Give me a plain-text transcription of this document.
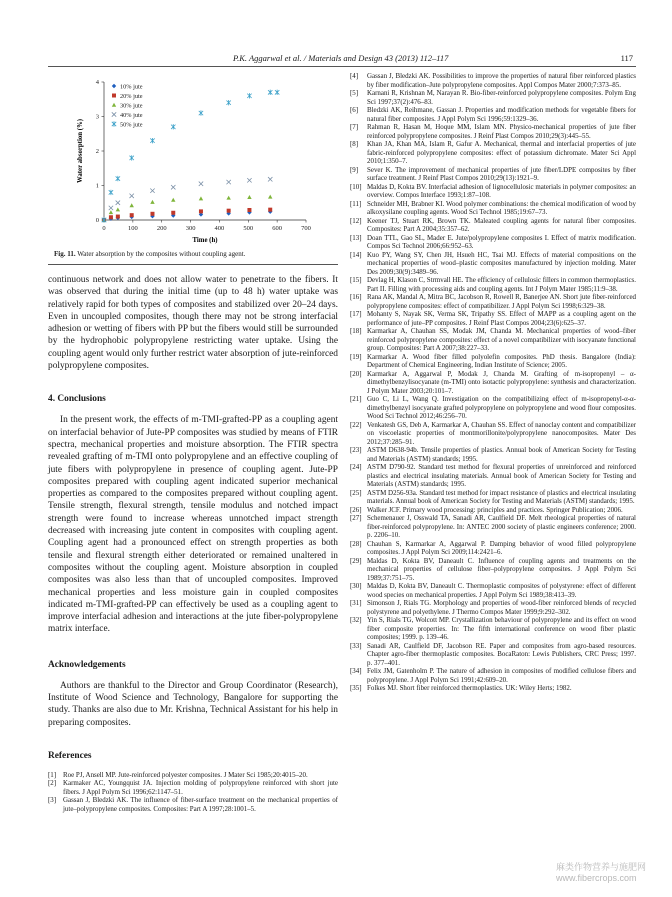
P.K. Aggarwal et al. / Materials and Design 43 (2013) 112–117	117
0	100	200	300	400	500	600	700
0
1
2
3
4
10% jute
20% jute
30% jute
40% jute
50% jute
Water absorption (%)
Time (h)
Fig. 11. Water absorption by the composites without coupling agent.

continuous network and does not allow water to penetrate to the fibers. It was observed that during the initial time (up to 48 h) water uptake was relatively rapid for both types of composites and stabilized over 20–24 days. Even in uncoupled composites, though there may not be strong interfacial adhesion or wetting of fibers with PP but the fibers would still be surrounded by the hydrophobic polypropylene restricting water uptake. Using the coupling agent would only further restrict water absorption of jute-reinforced polypropylene composites.

4. Conclusions

In the present work, the effects of m-TMI-grafted-PP as a coupling agent on interfacial behavior of Jute-PP composites was studied by means of FTIR spectra, mechanical properties and moisture absorption. The FTIR spectra revealed grafting of m-TMI onto polypropylene and an effective coupling of jute fibers with polypropylene in presence of coupling agent. Jute-PP composites prepared with coupling agent indicated superior mechanical properties as compared to the composites prepared without coupling agent. Tensile strength, flexural strength, tensile modulus and notched impact strength were found to increase whereas unnotched impact strength decreased with increasing jute content in composites with coupling agent. Coupling agent had a pronounced effect on strength properties as both tensile and flexural strength either deteriorated or remained unaltered in composites without the coupling agent. Moisture absorption in coupled composites was also less than that of uncoupled composites. Improved mechanical properties and less moisture gain in coupled composites indicated m-TMI-grafted-PP can effectively be used as a coupling agent to improve interfacial adhesion and interactions at the jute fiber-polypropylene matrix interface.

Acknowledgements

Authors are thankful to the Director and Group Coordinator (Research), Institute of Wood Science and Technology, Bangalore for supporting the study. Thanks are also due to Mr. Krishna, Technical Assistant for his help in preparing composites.

References
[1] Roe PJ, Ansell MP. Jute-reinforced polyester composites. J Mater Sci 1985;20:4015–20.
[2] Karmaker AC, Youngquist JA. Injection molding of polypropylene reinforced with short jute fibers. J Appl Polym Sci 1996;62:1147–51.
[3] Gassan J, Bledzki AK. The influence of fiber-surface treatment on the mechanical properties of jute–polypropylene composites. Composites: Part A 1997;28:1001–5.
[4] Gassan J, Bledzki AK. Possibilities to improve the properties of natural fiber reinforced plastics by fiber modification–Jute polypropylene composites. Appl Compos Mater 2000;7:373–85.
[5] Karnani R, Krishnan M, Narayan R. Bio-fiber-reinforced polypropylene composites. Polym Eng Sci 1997;37(2):476–83.
[6] Bledzki AK, Reihmane, Gassan J. Properties and modification methods for vegetable fibers for natural fiber composites. J Appl Polym Sci 1996;59:1329–36.
[7] Rahman R, Hasan M, Hoque MM, Islam MN. Physico-mechanical properties of jute fiber reinforced polypropylene composites. J Reinf Plast Compos 2010;29(3):445–55.
[8] Khan JA, Khan MA, Islam R, Gafur A. Mechanical, thermal and interfacial properties of jute fabric-reinforced polypropylene composites: effect of potassium dichromate. Mater Sci Appl 2010;1:350–7.
[9] Sever K. The improvement of mechanical properties of jute fiber/LDPE composites by fiber surface treatment. J Reinf Plast Compos 2010;29(13):1921–9.
[10] Maldas D, Kokta BV. Interfacial adhesion of lignocellulosic materials in polymer composites: an overview. Compos Interface 1993;1:87–108.
[11] Schneider MH, Brabner KI. Wood polymer combinations: the chemical modification of wood by alkoxysilane coupling agents. Wood Sci Technol 1985;19:67–73.
[12] Keener TJ, Stuart RK, Brown TK. Maleated coupling agents for natural fiber composites. Composites: Part A 2004;35:357–62.
[13] Doan TTL, Gao SL, Mader E. Jute/polypropylene composites I. Effect of matrix modification. Compos Sci Technol 2006;66:952–63.
[14] Kuo PY, Wang SY, Chen JH, Hsueh HC, Tsai MJ. Effects of material compositions on the mechanical properties of wood–plastic composites manufactured by injection molding. Mater Des 2009;30(9):3489–96.
[15] Devlag H, Klason C, Strmvall HE. The efficiency of cellulosic fillers in common thermoplastics. Part II. Filling with processing aids and coupling agents. Int J Polym Mater 1985;11:9–38.
[16] Rana AK, Mandal A, Mitra BC, Jacobson R, Rowell R, Banerjee AN. Short jute fiber-reinforced polypropylene composites: effect of compatibilizer. J Appl Polym Sci 1998;6:329–38.
[17] Mohanty S, Nayak SK, Verma SK, Tripathy SS. Effect of MAPP as a coupling agent on the performance of jute–PP composites. J Reinf Plast Compos 2004;23(6):625–37.
[18] Karmarkar A, Chauhan SS, Modak JM, Chanda M. Mechanical properties of wood–fiber reinforced polypropylene composites: effect of a novel compatibilizer with isocyanate functional group. Composites: Part A 2007;38:227–33.
[19] Karmarkar A. Wood fiber filled polyolefin composites. PhD thesis. Bangalore (India): Department of Chemical Engineering, Indian Institute of Science; 2005.
[20] Karmarkar A, Aggarwal P, Modak J, Chanda M. Grafting of m-isopropenyl – α-dimethylbenzylisocyanate (m-TMI) onto isotactic polypropylene: synthesis and characterization. J Polym Mater 2003;20:101–7.
[21] Guo C, Li L, Wang Q. Investigation on the compatibilizing effect of m-isopropenyl-α-α-dimethylbenzyl isocyanate grafted polypropylene on polypropylene and wood flour composites. Wood Sci Technol 2012;46:256–70.
[22] Venkatesh GS, Deb A, Karmarkar A, Chauhan SS. Effect of nanoclay content and compatibilizer on viscoelastic properties of montmorillonite/polypropylene nanocomposites. Mater Des 2012;37:285–91.
[23] ASTM D638-94b. Tensile properties of plastics. Annual book of American Society for Testing and Materials (ASTM) standards; 1995.
[24] ASTM D790-92. Standard test method for flexural properties of unreinforced and reinforced plastics and electrical insulating materials. Annual book of American Society for Testing and Materials (ASTM) standards; 1995.
[25] ASTM D256-93a. Standard test method for impact resistance of plastics and electrical insulating materials. Annual book of American Society for Testing and Materials (ASTM) standards; 1995.
[26] Walker JCF. Primary wood processing: principles and practices. Springer Publication; 2006.
[27] Schemenauer J, Osswald TA, Sanadi AR, Caulfield DF. Melt rheological properties of natural fiber-reinforced polypropylene. In: ANTEC 2000 society of plastic engineers conference; 2000. p. 2206–10.
[28] Chauhan S, Karmarkar A, Aggarwal P. Damping behavior of wood filled polypropylene composites. J Appl Polym Sci 2009;114:2421–6.
[29] Maldas D, Kokta BV, Daneault C. Influence of coupling agents and treatments on the mechanical properties of cellulose fiber–polypropylene composites. J Appl Polym Sci 1989;37:751–75.
[30] Maldas D, Kokta BV, Daneault C. Thermoplastic composites of polystyrene: effect of different wood species on mechanical properties. J Appl Polym Sci 1989;38:413–39.
[31] Simonson J, Rials TG. Morphology and properties of wood-fiber reinforced blends of recycled polystyrene and polyethylene. J Thermo Compos Mater 1999;9:292–302.
[32] Yin S, Rials TG, Wolcott MP. Crystallization behaviour of polypropylene and its effect on wood fiber composite properties. In: The fifth international conference on wood fiber plastic composites; 1999. p. 139–46.
[33] Sanadi AR, Caulfield DF, Jacobson RE. Paper and composites from agro-based resources. Chapter agro-fiber thermoplastic composites. BocaRaton: Lewis Publishers, CRC Press; 1997. p. 377–401.
[34] Felix JM, Gatenholm P. The nature of adhesion in composites of modified cellulose fibers and polypropylene. J Appl Polym Sci 1991;42:609–20.
[35] Folkes MJ. Short fiber reinforced thermoplastics. UK: Wiley Herts; 1982.
麻类作物营养与施肥网
www.fibercrops.com
